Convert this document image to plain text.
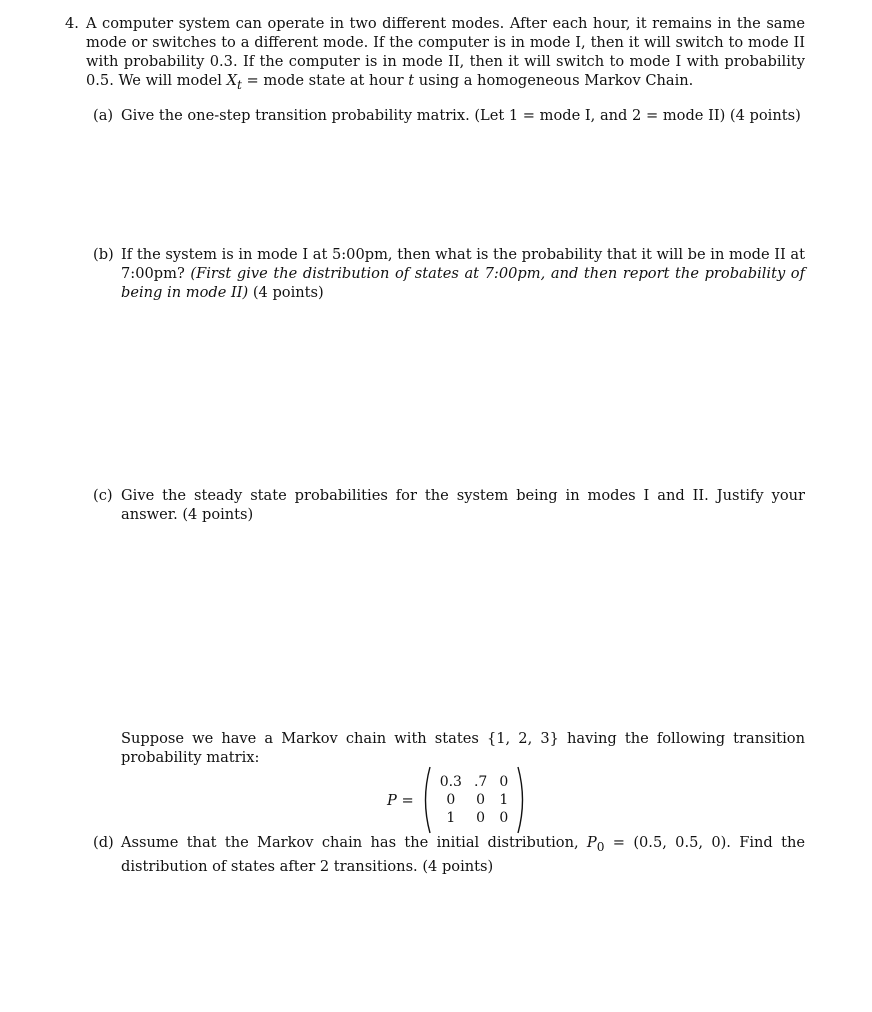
4. A computer system can operate in two different modes. After each hour, it remains in the same mode or switches to a different mode. If the computer is in mode I, then it will switch to mode II with probability 0.3. If the computer is in mode II, then it will switch to mode I with probability 0.5. We will model $X_t$ = mode state at hour t using a homogeneous Markov Chain.

(a) Give the one-step transition probability matrix. (Let 1 = mode I, and 2 = mode II) (4 points)

(b) If the system is in mode I at 5:00pm, then what is the probability that it will be in mode II at 7:00pm? (First give the distribution of states at 7:00pm, and then report the probability of being in mode II) (4 points)

(c) Give the steady state probabilities for the system being in modes I and II. Justify your answer. (4 points)

Suppose we have a Markov chain with states {1, 2, 3} having the following transition probability matrix:

(d) Assume that the Markov chain has the initial distribution, $P_0 = (0.5$, 0.5, 0). Find the distribution of states after 2 transitions. (4 points)

P =
0.3	.7	0
0	0	1
1	0	0
